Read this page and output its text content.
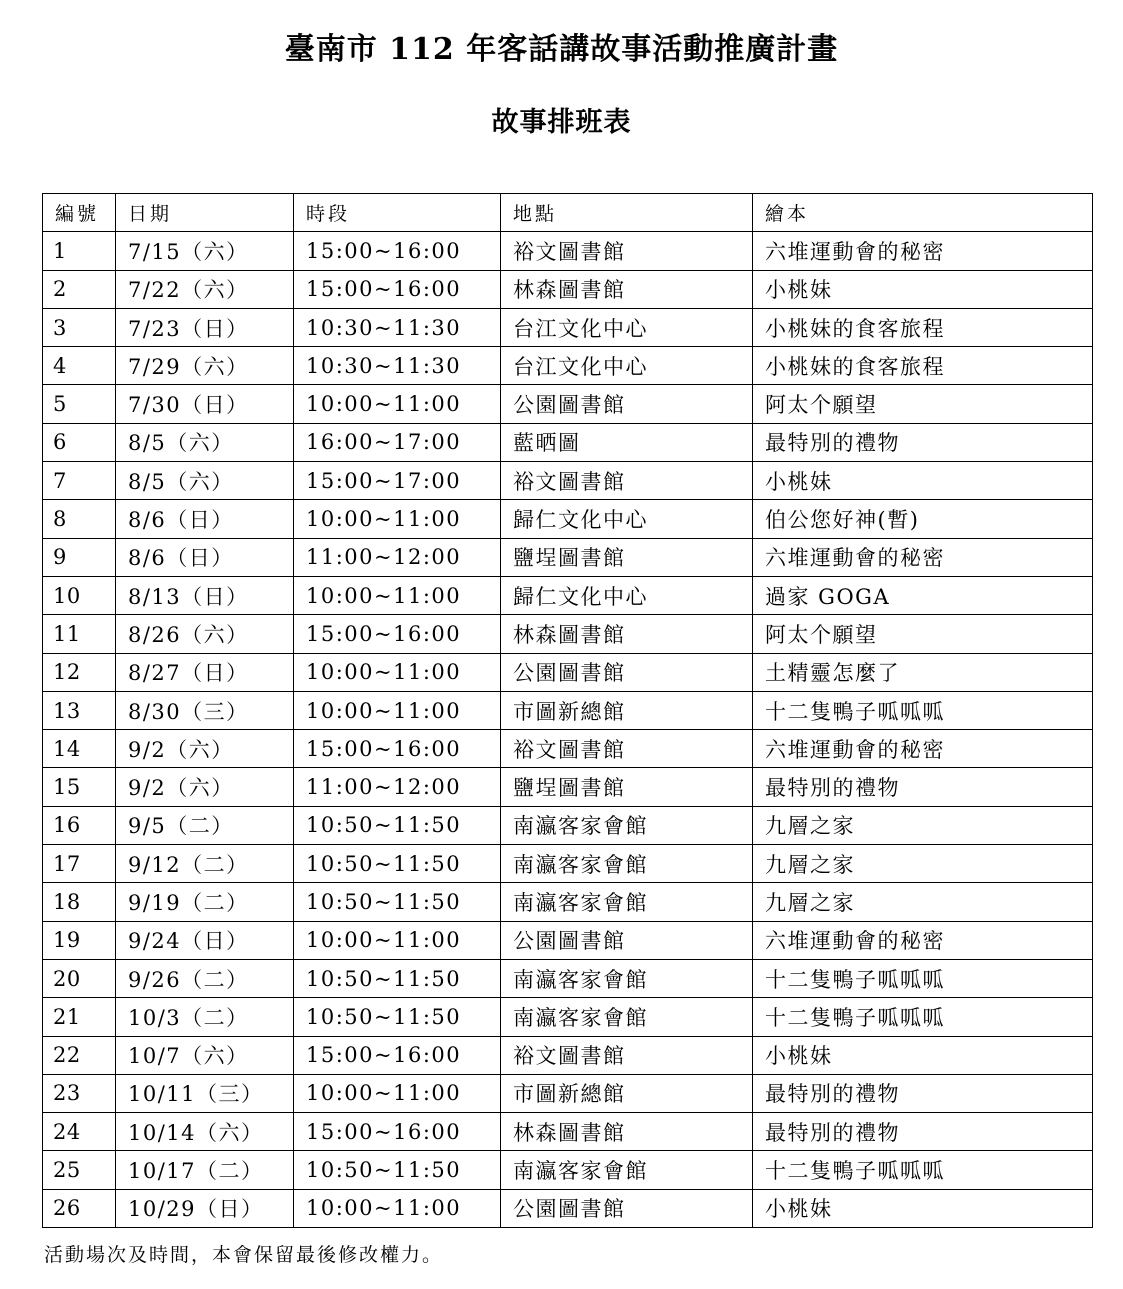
臺南市 112 年客話講故事活動推廣計畫
故事排班表
編號	日期	時段	地點	繪本
1	7/15（六）	15:00~16:00	裕文圖書館	六堆運動會的秘密
2	7/22（六）	15:00~16:00	林森圖書館	小桃妹
3	7/23（日）	10:30~11:30	台江文化中心	小桃妹的食客旅程
4	7/29（六）	10:30~11:30	台江文化中心	小桃妹的食客旅程
5	7/30（日）	10:00~11:00	公園圖書館	阿太个願望
6	8/5（六）	16:00~17:00	藍晒圖	最特別的禮物
7	8/5（六）	15:00~17:00	裕文圖書館	小桃妹
8	8/6（日）	10:00~11:00	歸仁文化中心	伯公您好神(暫)
9	8/6（日）	11:00~12:00	鹽埕圖書館	六堆運動會的秘密
10	8/13（日）	10:00~11:00	歸仁文化中心	過家 GOGA
11	8/26（六）	15:00~16:00	林森圖書館	阿太个願望
12	8/27（日）	10:00~11:00	公園圖書館	土精靈怎麼了
13	8/30（三）	10:00~11:00	市圖新總館	十二隻鴨子呱呱呱
14	9/2（六）	15:00~16:00	裕文圖書館	六堆運動會的秘密
15	9/2（六）	11:00~12:00	鹽埕圖書館	最特別的禮物
16	9/5（二）	10:50~11:50	南瀛客家會館	九層之家
17	9/12（二）	10:50~11:50	南瀛客家會館	九層之家
18	9/19（二）	10:50~11:50	南瀛客家會館	九層之家
19	9/24（日）	10:00~11:00	公園圖書館	六堆運動會的秘密
20	9/26（二）	10:50~11:50	南瀛客家會館	十二隻鴨子呱呱呱
21	10/3（二）	10:50~11:50	南瀛客家會館	十二隻鴨子呱呱呱
22	10/7（六）	15:00~16:00	裕文圖書館	小桃妹
23	10/11（三）	10:00~11:00	市圖新總館	最特別的禮物
24	10/14（六）	15:00~16:00	林森圖書館	最特別的禮物
25	10/17（二）	10:50~11:50	南瀛客家會館	十二隻鴨子呱呱呱
26	10/29（日）	10:00~11:00	公園圖書館	小桃妹
活動場次及時間，本會保留最後修改權力。
